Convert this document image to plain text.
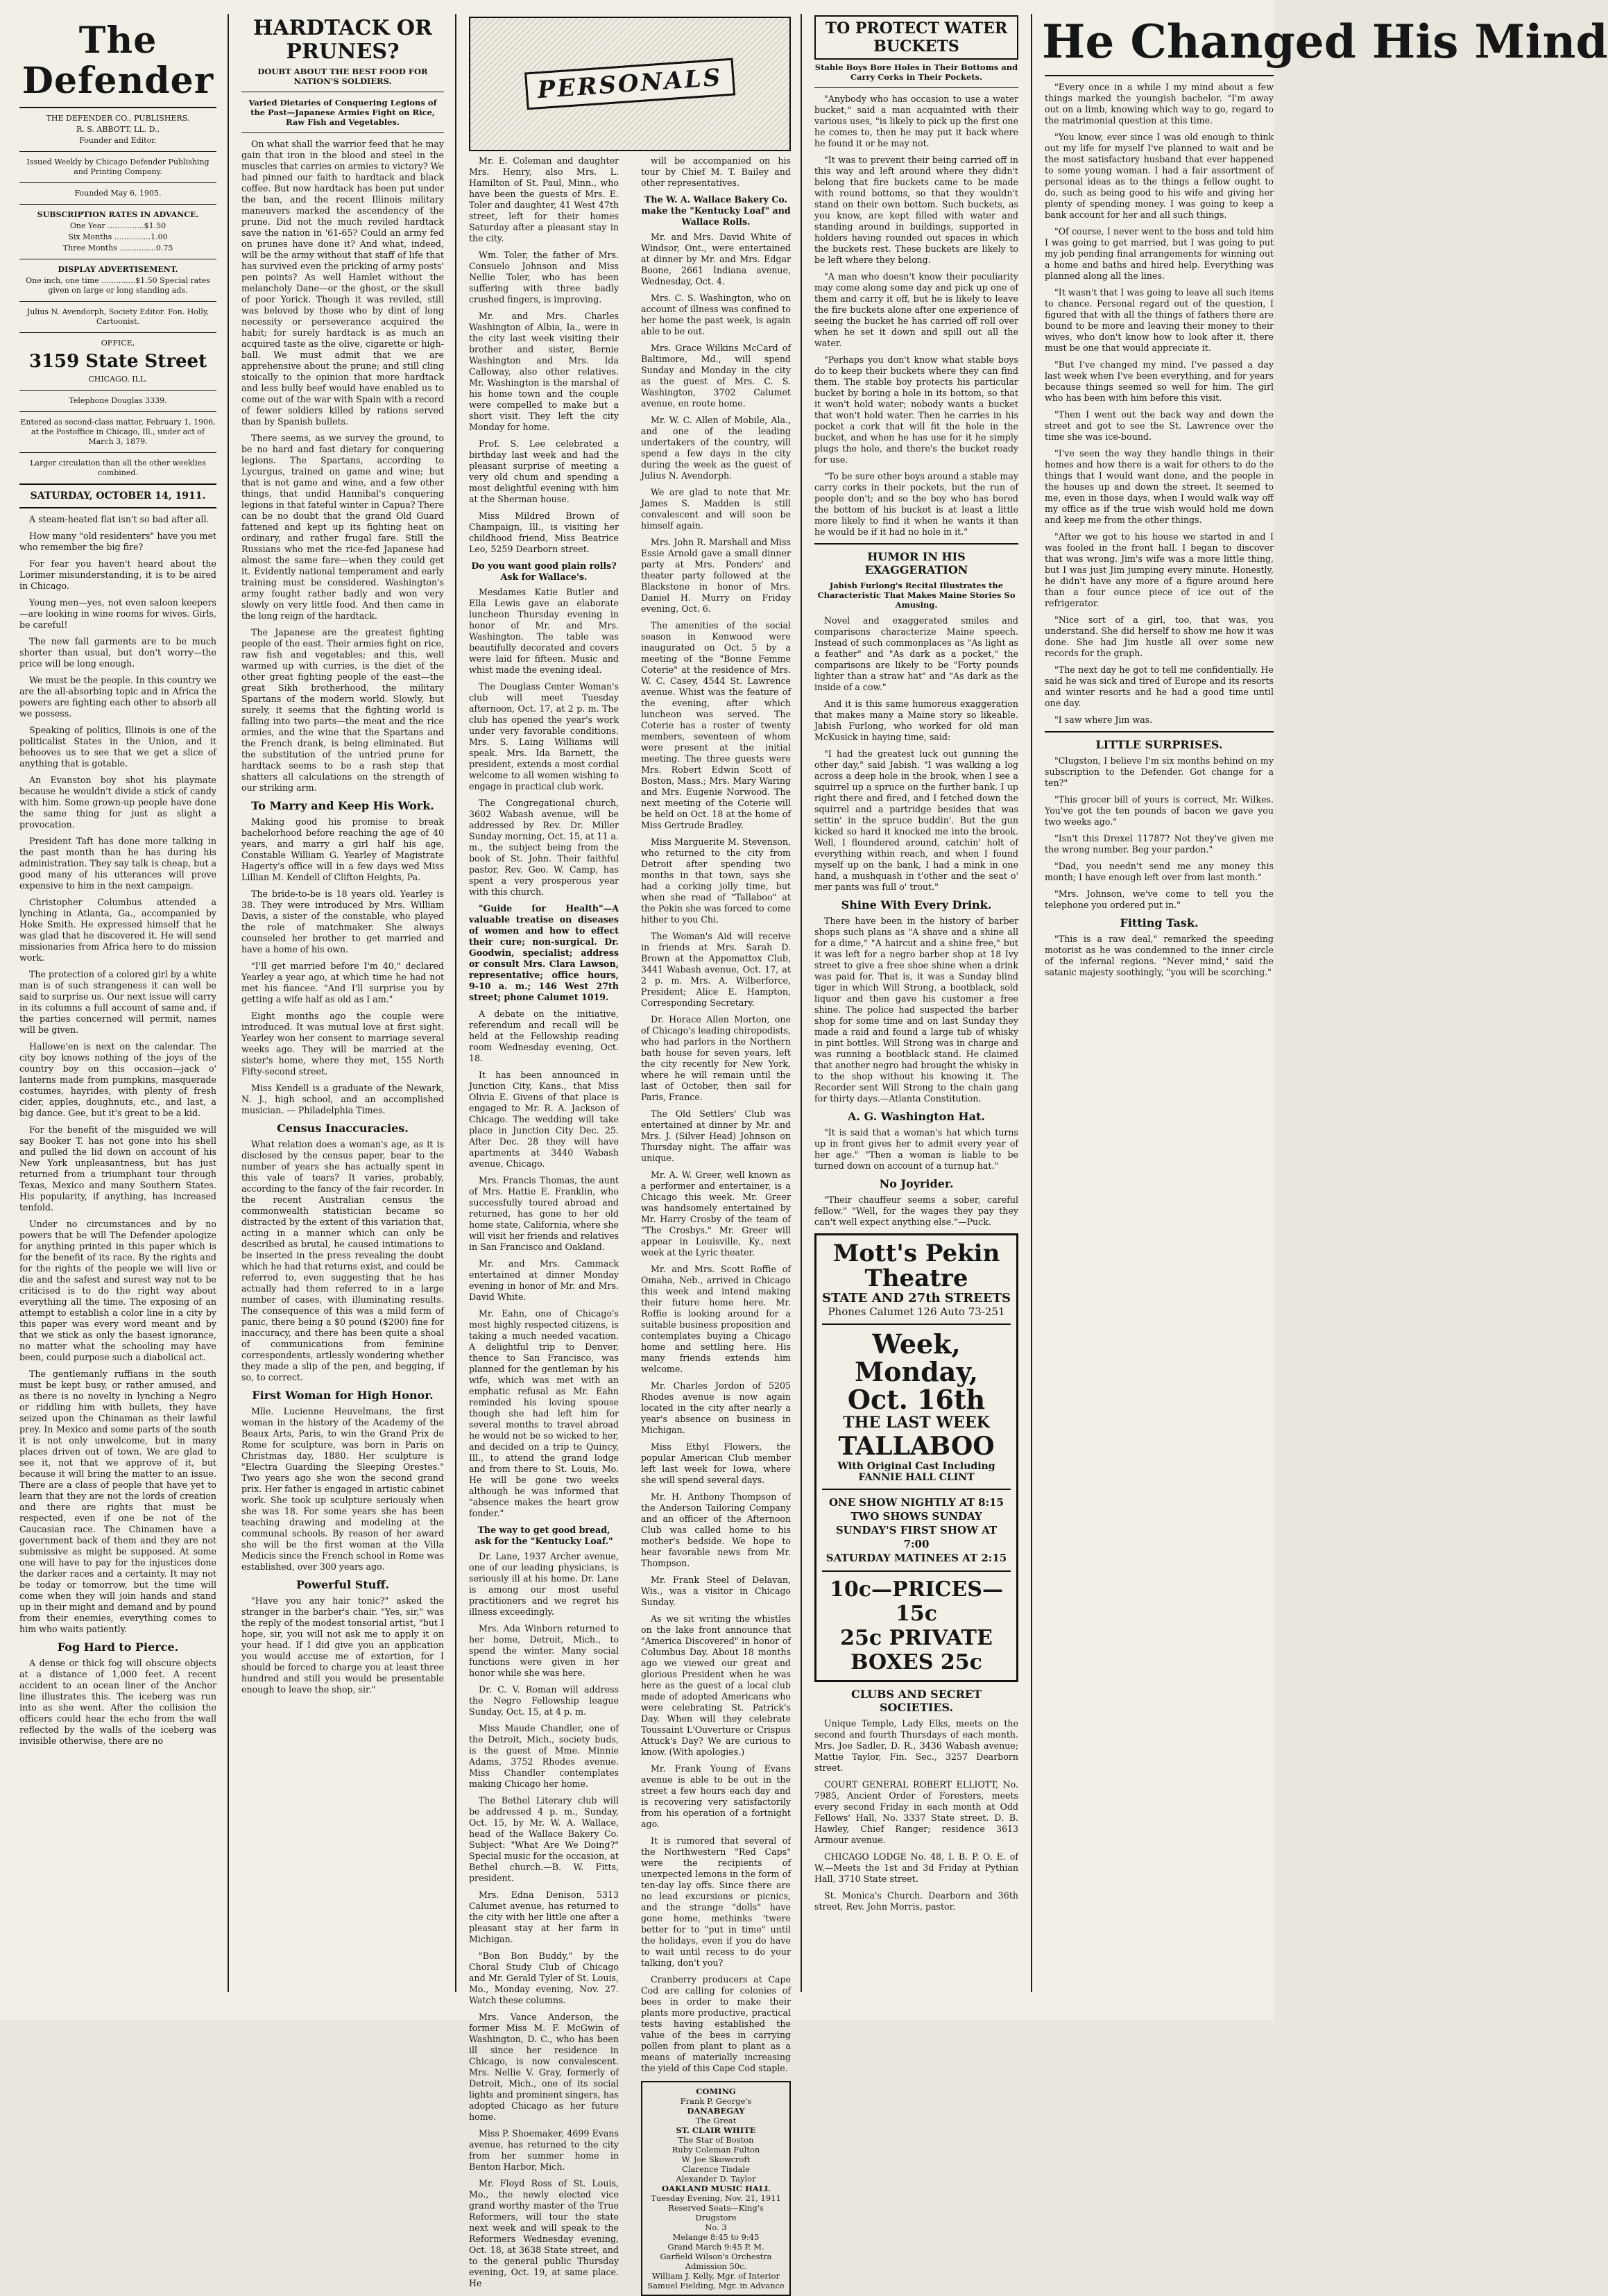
The Defender
THE DEFENDER CO., PUBLISHERS.
R. S. ABBOTT, LL. D.,
Founder and Editor.
Issued Weekly by Chicago Defender Publishing and Printing Company.
Founded May 6, 1905.
SUBSCRIPTION RATES IN ADVANCE.
One Year ...............$1.50
Six Months ...............1.00
Three Months ...............0.75
DISPLAY ADVERTISEMENT.
One inch, one time ..............$1.50 Special rates given on large or long standing ads.
Julius N. Avendorph, Society Editor. Fon. Holly, Cartoonist.
OFFICE,
3159 State Street
CHICAGO, ILL.
Telephone Douglas 3339.
Entered as second-class matter, February 1, 1906, at the Postoffice in Chicago, Ill., under act of March 3, 1879.
Larger circulation than all the other weeklies combined.
SATURDAY, OCTOBER 14, 1911.

A steam-heated flat isn't so bad after all.

How many "old residenters" have you met who remember the big fire?

For fear you haven't heard about the Lorimer misunderstanding, it is to be aired in Chicago.

Young men—yes, not even saloon keepers—are looking in wine rooms for wives. Girls, be careful!

The new fall garments are to be much shorter than usual, but don't worry—the price will be long enough.

We must be the people. In this country we are the all-absorbing topic and in Africa the powers are fighting each other to absorb all we possess.

Speaking of politics, Illinois is one of the politicalist States in the Union, and it behooves us to see that we get a slice of anything that is gotable.

An Evanston boy shot his playmate because he wouldn't divide a stick of candy with him. Some grown-up people have done the same thing for just as slight a provocation.

President Taft has done more talking in the past month than he has during his administration. They say talk is cheap, but a good many of his utterances will prove expensive to him in the next campaign.

Christopher Columbus attended a lynching in Atlanta, Ga., accompanied by Hoke Smith. He expressed himself that he was glad that he discovered it. He will send missionaries from Africa here to do mission work.

The protection of a colored girl by a white man is of such strangeness it can well be said to surprise us. Our next issue will carry in its columns a full account of same and, if the parties concerned will permit, names will be given.

Hallowe'en is next on the calendar. The city boy knows nothing of the joys of the country boy on this occasion—jack o' lanterns made from pumpkins, masquerade costumes, hayrides, with plenty of fresh cider, apples, doughnuts, etc., and last, a big dance. Gee, but it's great to be a kid.

For the benefit of the misguided we will say Booker T. has not gone into his shell and pulled the lid down on account of his New York unpleasantness, but has just returned from a triumphant tour through Texas, Mexico and many Southern States. His popularity, if anything, has increased tenfold.

Under no circumstances and by no powers that be will The Defender apologize for anything printed in this paper which is for the benefit of its race. By the rights and for the rights of the people we will live or die and the safest and surest way not to be criticised is to do the right way about everything all the time. The exposing of an attempt to establish a color line in a city by this paper was every word meant and by that we stick as only the basest ignorance, no matter what the schooling may have been, could purpose such a diabolical act.

The gentlemanly ruffians in the south must be kept busy, or rather amused, and as there is no novelty in lynching a Negro or riddling him with bullets, they have seized upon the Chinaman as their lawful prey. In Mexico and some parts of the south it is not only unwelcome, but in many places driven out of town. We are glad to see it, not that we approve of it, but because it will bring the matter to an issue. There are a class of people that have yet to learn that they are not the lords of creation and there are rights that must be respected, even if one be not of the Caucasian race. The Chinamen have a government back of them and they are not submissive as might be supposed. At some one will have to pay for the injustices done the darker races and a certainty. It may not be today or tomorrow, but the time will come when they will join hands and stand up in their might and demand and by pound from their enemies, everything comes to him who waits patiently.

Fog Hard to Pierce.

A dense or thick fog will obscure objects at a distance of 1,000 feet. A recent accident to an ocean liner of the Anchor line illustrates this. The iceberg was run into as she went. After the collision the officers could hear the echo from the wall reflected by the walls of the iceberg was invisible otherwise, there are no

HARDTACK OR PRUNES?
DOUBT ABOUT THE BEST FOOD FOR NATION'S SOLDIERS.
Varied Dietaries of Conquering Legions of the Past—Japanese Armies Fight on Rice, Raw Fish and Vegetables.

On what shall the warrior feed that he may gain that iron in the blood and steel in the muscles that carries on armies to victory? We had pinned our faith to hardtack and black coffee. But now hardtack has been put under the ban, and the recent Illinois military maneuvers marked the ascendency of the prune. Did not the much reviled hardtack save the nation in '61-65? Could an army fed on prunes have done it? And what, indeed, will be the army without that staff of life that has survived even the pricking of army posts' pen points? As well Hamlet without the melancholy Dane—or the ghost, or the skull of poor Yorick. Though it was reviled, still was beloved by those who by dint of long necessity or perseverance acquired the habit; for surely hardtack is as much an acquired taste as the olive, cigarette or high-ball. We must admit that we are apprehensive about the prune; and still cling stoically to the opinion that more hardtack and less bully beef would have enabled us to come out of the war with Spain with a record of fewer soldiers killed by rations served than by Spanish bullets.

There seems, as we survey the ground, to be no hard and fast dietary for conquering legions. The Spartans, according to Lycurgus, trained on game and wine; but that is not game and wine, and a few other things, that undid Hannibal's conquering legions in that fateful winter in Capua? There can be no doubt that the grand Old Guard fattened and kept up its fighting heat on ordinary, and rather frugal fare. Still the Russians who met the rice-fed Japanese had almost the same fare—when they could get it. Evidently national temperament and early training must be considered. Washington's army fought rather badly and won very slowly on very little food. And then came in the long reign of the hardtack.

The Japanese are the greatest fighting people of the east. Their armies fight on rice, raw fish and vegetables; and this, well warmed up with curries, is the diet of the other great fighting people of the east—the great Sikh brotherhood, the military Spartans of the modern world. Slowly, but surely, it seems that the fighting world is falling into two parts—the meat and the rice armies, and the wine that the Spartans and the French drank, is being eliminated. But the substitution of the untried prune for hardtack seems to be a rash step that shatters all calculations on the strength of our striking arm.

To Marry and Keep His Work.

Making good his promise to break bachelorhood before reaching the age of 40 years, and marry a girl half his age, Constable William G. Yearley of Magistrate Hagerty's office will in a few days wed Miss Lillian M. Kendell of Clifton Heights, Pa.

The bride-to-be is 18 years old. Yearley is 38. They were introduced by Mrs. William Davis, a sister of the constable, who played the role of matchmaker. She always counseled her brother to get married and have a home of his own.

"I'll get married before I'm 40," declared Yearley a year ago, at which time he had not met his fiancee. "And I'll surprise you by getting a wife half as old as I am."

Eight months ago the couple were introduced. It was mutual love at first sight. Yearley won her consent to marriage several weeks ago. They will be married at the sister's home, where they met, 155 North Fifty-second street.

Miss Kendell is a graduate of the Newark, N. J., high school, and an accomplished musician. — Philadelphia Times.

Census Inaccuracies.

What relation does a woman's age, as it is disclosed by the census paper, bear to the number of years she has actually spent in this vale of tears? It varies, probably, according to the fancy of the fair recorder. In the recent Australian census the commonwealth statistician became so distracted by the extent of this variation that, acting in a manner which can only be described as brutal, he caused intimations to be inserted in the press revealing the doubt which he had that returns exist, and could be referred to, even suggesting that he has actually had them referred to in a large number of cases, with illuminating results. The consequence of this was a mild form of panic, there being a $0 pound ($200) fine for inaccuracy, and there has been quite a shoal of communications from feminine correspondents, artlessly wondering whether they made a slip of the pen, and begging, if so, to correct.

First Woman for High Honor.

Mlle. Lucienne Heuvelmans, the first woman in the history of the Academy of the Beaux Arts, Paris, to win the Grand Prix de Rome for sculpture, was born in Paris on Christmas day, 1880. Her sculpture is "Electra Guarding the Sleeping Orestes." Two years ago she won the second grand prix. Her father is engaged in artistic cabinet work. She took up sculpture seriously when she was 18. For some years she has been teaching drawing and modeling at the communal schools. By reason of her award she will be the first woman at the Villa Medicis since the French school in Rome was established, over 300 years ago.

Powerful Stuff.

"Have you any hair tonic?" asked the stranger in the barber's chair. "Yes, sir," was the reply of the modest tonsorial artist, "but I hope, sir, you will not ask me to apply it on your head. If I did give you an application you would accuse me of extortion, for I should be forced to charge you at least three hundred and still you would be presentable enough to leave the shop, sir."

PERSONALS

Mr. E. Coleman and daughter Mrs. Henry, also Mrs. L. Hamilton of St. Paul, Minn., who have been the guests of Mrs. E. Toler and daughter, 41 West 47th street, left for their homes Saturday after a pleasant stay in the city.

Wm. Toler, the father of Mrs. Consuelo Johnson and Miss Nellie Toler, who has been suffering with three badly crushed fingers, is improving.

Mr. and Mrs. Charles Washington of Albia, Ia., were in the city last week visiting their brother and sister, Bernie Washington and Mrs. Ida Calloway, also other relatives. Mr. Washington is the marshal of his home town and the couple were compelled to make but a short visit. They left the city Monday for home.

Prof. S. Lee celebrated a birthday last week and had the pleasant surprise of meeting a very old chum and spending a most delightful evening with him at the Sherman house.

Miss Mildred Brown of Champaign, Ill., is visiting her childhood friend, Miss Beatrice Leo, 5259 Dearborn street.

Do you want good plain rolls? Ask for Wallace's.

Mesdames Katie Butler and Ella Lewis gave an elaborate luncheon Thursday evening in honor of Mr. and Mrs. Washington. The table was beautifully decorated and covers were laid for fifteen. Music and whist made the evening ideal.

The Douglass Center Woman's club will meet Tuesday afternoon, Oct. 17, at 2 p. m. The club has opened the year's work under very favorable conditions. Mrs. S. Laing Williams will speak. Mrs. Ida Barnett, the president, extends a most cordial welcome to all women wishing to engage in practical club work.

The Congregational church, 3602 Wabash avenue, will be addressed by Rev. Dr. Miller Sunday morning, Oct. 15, at 11 a. m., the subject being from the book of St. John. Their faithful pastor, Rev. Geo. W. Camp, has spent a very prosperous year with this church.

"Guide for Health"—A valuable treatise on diseases of women and how to effect their cure; non-surgical. Dr. Goodwin, specialist; address or consult Mrs. Clara Lawson, representative; office hours, 9-10 a. m.; 146 West 27th street; phone Calumet 1019.

A debate on the initiative, referendum and recall will be held at the Fellowship reading room Wednesday evening, Oct. 18.

It has been announced in Junction City, Kans., that Miss Olivia E. Givens of that place is engaged to Mr. R. A. Jackson of Chicago. The wedding will take place in Junction City Dec. 25. After Dec. 28 they will have apartments at 3440 Wabash avenue, Chicago.

Mrs. Francis Thomas, the aunt of Mrs. Hattie E. Franklin, who successfully toured abroad and returned, has gone to her old home state, California, where she will visit her friends and relatives in San Francisco and Oakland.

Mr. and Mrs. Cammack entertained at dinner Monday evening in honor of Mr. and Mrs. David White.

Mr. Eahn, one of Chicago's most highly respected citizens, is taking a much needed vacation. A delightful trip to Denver, thence to San Francisco, was planned for the gentleman by his wife, which was met with an emphatic refusal as Mr. Eahn reminded his loving spouse though she had left him for several months to travel abroad he would not be so wicked to her, and decided on a trip to Quincy, Ill., to attend the grand lodge and from there to St. Louis, Mo. He will be gone two weeks although he was informed that "absence makes the heart grow fonder."

The way to get good bread, ask for the "Kentucky Loaf."

Dr. Lane, 1937 Archer avenue, one of our leading physicians, is seriously ill at his home. Dr. Lane is among our most useful practitioners and we regret his illness exceedingly.

Mrs. Ada Winborn returned to her home, Detroit, Mich., to spend the winter. Many social functions were given in her honor while she was here.

Dr. C. V. Roman will address the Negro Fellowship league Sunday, Oct. 15, at 4 p. m.

Miss Maude Chandler, one of the Detroit, Mich., society buds, is the guest of Mme. Minnie Adams, 3752 Rhodes avenue. Miss Chandler contemplates making Chicago her home.

The Bethel Literary club will be addressed 4 p. m., Sunday, Oct. 15, by Mr. W. A. Wallace, head of the Wallace Bakery Co. Subject: "What Are We Doing?" Special music for the occasion, at Bethel church.—B. W. Fitts, president.

Mrs. Edna Denison, 5313 Calumet avenue, has returned to the city with her little one after a pleasant stay at her farm in Michigan.

"Bon Bon Buddy," by the Choral Study Club of Chicago and Mr. Gerald Tyler of St. Louis, Mo., Monday evening, Nov. 27. Watch these columns.

Mrs. Vance Anderson, the former Miss M. F. McGwin of Washington, D. C., who has been ill since her residence in Chicago, is now convalescent. Mrs. Nellie V. Gray, formerly of Detroit, Mich., one of its social lights and prominent singers, has adopted Chicago as her future home.

Miss P. Shoemaker, 4699 Evans avenue, has returned to the city from her summer home in Benton Harbor, Mich.

Mr. Floyd Ross of St. Louis, Mo., the newly elected vice grand worthy master of the True Reformers, will tour the state next week and will speak to the Reformers Wednesday evening, Oct. 18, at 3638 State street, and to the general public Thursday evening, Oct. 19, at same place. He

will be accompanied on his tour by Chief M. T. Bailey and other representatives.

The W. A. Wallace Bakery Co. make the "Kentucky Loaf" and Wallace Rolls.

Mr. and Mrs. David White of Windsor, Ont., were entertained at dinner by Mr. and Mrs. Edgar Boone, 2661 Indiana avenue, Wednesday, Oct. 4.

Mrs. C. S. Washington, who on account of illness was confined to her home the past week, is again able to be out.

Mrs. Grace Wilkins McCard of Baltimore, Md., will spend Sunday and Monday in the city as the guest of Mrs. C. S. Washington, 3702 Calumet avenue, en route home.

Mr. W. C. Allen of Mobile, Ala., and one of the leading undertakers of the country, will spend a few days in the city during the week as the guest of Julius N. Avendorph.

We are glad to note that Mr. James S. Madden is still convalescent and will soon be himself again.

Mrs. John R. Marshall and Miss Essie Arnold gave a small dinner party at Mrs. Ponders' and theater party followed at the Blackstone in honor of Mrs. Daniel H. Murry on Friday evening, Oct. 6.

The amenities of the social season in Kenwood were inaugurated on Oct. 5 by a meeting of the "Bonne Femme Coterie" at the residence of Mrs. W. C. Casey, 4544 St. Lawrence avenue. Whist was the feature of the evening, after which luncheon was served. The Coterie has a roster of twenty members, seventeen of whom were present at the initial meeting. The three guests were Mrs. Robert Edwin Scott of Boston, Mass.; Mrs. Mary Waring and Mrs. Eugenie Norwood. The next meeting of the Coterie will be held on Oct. 18 at the home of Miss Gertrude Bradley.

Miss Marguerite M. Stevenson, who returned to the city from Detroit after spending two months in that town, says she had a corking jolly time, but when she read of "Tallaboo" at the Pekin she was forced to come hither to you Chi.

The Woman's Aid will receive in friends at Mrs. Sarah D. Brown at the Appomattox Club, 3441 Wabash avenue, Oct. 17, at 2 p. m. Mrs. A. Wilberforce, President; Alice E. Hampton, Corresponding Secretary.

Dr. Horace Allen Morton, one of Chicago's leading chiropodists, who had parlors in the Northern bath house for seven years, left the city recently for New York, where he will remain until the last of October, then sail for Paris, France.

The Old Settlers' Club was entertained at dinner by Mr. and Mrs. J. (Silver Head) Johnson on Thursday night. The affair was unique.

Mr. A. W. Greer, well known as a performer and entertainer, is a Chicago this week. Mr. Greer was handsomely entertained by Mr. Harry Crosby of the team of "The Crosbys." Mr. Greer will appear in Louisville, Ky., next week at the Lyric theater.

Mr. and Mrs. Scott Roffie of Omaha, Neb., arrived in Chicago this week and intend making their future home here. Mr. Roffie is looking around for a suitable business proposition and contemplates buying a Chicago home and settling here. His many friends extends him welcome.

Mr. Charles Jordon of 5205 Rhodes avenue is now again located in the city after nearly a year's absence on business in Michigan.

Miss Ethyl Flowers, the popular American Club member left last week for Iowa, where she will spend several days.

Mr. H. Anthony Thompson of the Anderson Tailoring Company and an officer of the Afternoon Club was called home to his mother's bedside. We hope to hear favorable news from Mr. Thompson.

Mr. Frank Steel of Delavan, Wis., was a visitor in Chicago Sunday.

As we sit writing the whistles on the lake front announce that "America Discovered" in honor of Columbus Day. About 18 months ago we viewed our great and glorious President when he was here as the guest of a local club made of adopted Americans who were celebrating St. Patrick's Day. When will they celebrate Toussaint L'Ouverture or Crispus Attuck's Day? We are curious to know. (With apologies.)

Mr. Frank Young of Evans avenue is able to be out in the street a few hours each day and is recovering very satisfactorily from his operation of a fortnight ago.

It is rumored that several of the Northwestern "Red Caps" were the recipients of unexpected lemons in the form of ten-day lay offs. Since there are no lead excursions or picnics, and the strange "dolls" have gone home, methinks 'twere better for to "put in time" until the holidays, even if you do have to wait until recess to do your talking, don't you?

Cranberry producers at Cape Cod are calling for colonies of bees in order to make their plants more productive, practical tests having established the value of the bees in carrying pollen from plant to plant as a means of materially increasing the yield of this Cape Cod staple.

COMING

Frank P. George's

DANABEGAY

The Great

ST. CLAIR WHITE

The Star of Boston

Ruby Coleman Fulton

W. Joe Skowcroft

Clarence Tisdale

Alexander D. Taylor

OAKLAND MUSIC HALL

Tuesday Evening, Nov. 21, 1911

Reserved Seats—King's Drugstore

No. 3

Melange 8:45 to 9:45

Grand March 9:45 P. M.

Garfield Wilson's Orchestra

Admission 50c.

William J. Kelly, Mgr. of Interior

Samuel Fielding, Mgr. in Advance

TO PROTECT WATER BUCKETS
Stable Boys Bore Holes in Their Bottoms and Carry Corks in Their Pockets.

"Anybody who has occasion to use a water bucket," said a man acquainted with their various uses, "is likely to pick up the first one he comes to, then he may put it back where he found it or he may not.

"It was to prevent their being carried off in this way and left around where they didn't belong that fire buckets came to be made with round bottoms, so that they wouldn't stand on their own bottom. Such buckets, as you know, are kept filled with water and standing around in buildings, supported in holders having rounded out spaces in which the buckets rest. These buckets are likely to be left where they belong.

"A man who doesn't know their peculiarity may come along some day and pick up one of them and carry it off, but he is likely to leave the fire buckets alone after one experience of seeing the bucket he has carried off roll over when he set it down and spill out all the water.

"Perhaps you don't know what stable boys do to keep their buckets where they can find them. The stable boy protects his particular bucket by boring a hole in its bottom, so that it won't hold water; nobody wants a bucket that won't hold water. Then he carries in his pocket a cork that will fit the hole in the bucket, and when he has use for it he simply plugs the hole, and there's the bucket ready for use.

"To be sure other boys around a stable may carry corks in their pockets, but the run of people don't; and so the boy who has bored the bottom of his bucket is at least a little more likely to find it when he wants it than he would be if it had no hole in it."

HUMOR IN HIS EXAGGERATION
Jabish Furlong's Recital Illustrates the Characteristic That Makes Maine Stories So Amusing.

Novel and exaggerated smiles and comparisons characterize Maine speech. Instead of such commonplaces as "As light as a feather" and "As dark as a pocket," the comparisons are likely to be "Forty pounds lighter than a straw hat" and "As dark as the inside of a cow."

And it is this same humorous exaggeration that makes many a Maine story so likeable. Jabish Furlong, who worked for old man McKusick in haying time, said:

"I had the greatest luck out gunning the other day," said Jabish. "I was walking a log across a deep hole in the brook, when I see a squirrel up a spruce on the further bank. I up right there and fired, and I fetched down the squirrel and a partridge besides that was settin' in the spruce buddin'. But the gun kicked so hard it knocked me into the brook. Well, I floundered around, catchin' holt of everything within reach, and when I found myself up on the bank, I had a mink in one hand, a mushquash in t'other and the seat o' mer pants was full o' trout."

Shine With Every Drink.

There have been in the history of barber shops such plans as "A shave and a shine all for a dime," "A haircut and a shine free," but it was left for a negro barber shop at 18 Ivy street to give a free shoe shine when a drink was paid for. That is, it was a Sunday blind tiger in which Will Strong, a bootblack, sold liquor and then gave his customer a free shine. The police had suspected the barber shop for some time and on last Sunday they made a raid and found a large tub of whisky in pint bottles. Will Strong was in charge and was running a bootblack stand. He claimed that another negro had brought the whisky in to the shop without his knowing it. The Recorder sent Will Strong to the chain gang for thirty days.—Atlanta Constitution.

A. G. Washington Hat.

"It is said that a woman's hat which turns up in front gives her to admit every year of her age." "Then a woman is liable to be turned down on account of a turnup hat."

No Joyrider.

"Their chauffeur seems a sober, careful fellow." "Well, for the wages they pay they can't well expect anything else."—Puck.

Mott's Pekin Theatre
STATE AND 27th STREETS
Phones Calumet 126 Auto 73-251
Week, Monday, Oct. 16th
THE LAST WEEK
TALLABOO
With Original Cast Including FANNIE HALL CLINT
ONE SHOW NIGHTLY AT 8:15
TWO SHOWS SUNDAY
SUNDAY'S FIRST SHOW AT 7:00
SATURDAY MATINEES AT 2:15
10c—PRICES—15c
25c PRIVATE BOXES 25c
CLUBS AND SECRET SOCIETIES.

Unique Temple, Lady Elks, meets on the second and fourth Thursdays of each month. Mrs. Joe Sadler, D. R., 3436 Wabash avenue; Mattie Taylor, Fin. Sec., 3257 Dearborn street.

COURT GENERAL ROBERT ELLIOTT, No. 7985, Ancient Order of Foresters, meets every second Friday in each month at Odd Fellows' Hall, No. 3337 State street. D. B. Hawley, Chief Ranger; residence 3613 Armour avenue.

CHICAGO LODGE No. 48, I. B. P. O. E. of W.—Meets the 1st and 3d Friday at Pythian Hall, 3710 State street.

St. Monica's Church. Dearborn and 36th street, Rev. John Morris, pastor.

He Changed His Mind

"Every once in a while I my mind about a few things marked the youngish bachelor. "I'm away out on a limb, knowing which way to go, regard to the matrimonial question at this time.

"You know, ever since I was old enough to think out my life for myself I've planned to wait and be the most satisfactory husband that ever happened to some young woman. I had a fair assortment of personal ideas as to the things a fellow ought to do, such as being good to his wife and giving her plenty of spending money. I was going to keep a bank account for her and all such things.

"Of course, I never went to the boss and told him I was going to get married, but I was going to put my job pending final arrangements for winning out a home and baths and hired help. Everything was planned along all the lines.

"It wasn't that I was going to leave all such items to chance. Personal regard out of the question, I figured that with all the things of fathers there are bound to be more and leaving their money to their wives, who don't know how to look after it, there must be one that would appreciate it.

"But I've changed my mind. I've passed a day last week when I've been everything, and for years because things seemed so well for him. The girl who has been with him before this visit.

"Then I went out the back way and down the street and got to see the St. Lawrence over the time she was ice-bound.

"I've seen the way they handle things in their homes and how there is a wait for others to do the things that I would want done, and the people in the houses up and down the street. It seemed to me, even in those days, when I would walk way off my office as if the true wish would hold me down and keep me from the other things.

"After we got to his house we started in and I was fooled in the front hall. I began to discover that was wrong. Jim's wife was a more little thing, but I was just Jim jumping every minute. Honestly, he didn't have any more of a figure around here than a four ounce piece of ice out of the refrigerator.

"Nice sort of a girl, too, that was, you understand. She did herself to show me how it was done. She had Jim hustle all over some new records for the graph.

"The next day he got to tell me confidentially. He said he was sick and tired of Europe and its resorts and winter resorts and he had a good time until one day.

"I saw where Jim was.

LITTLE SURPRISES.

"Clugston, I believe I'm six months behind on my subscription to the Defender. Got change for a ten?"

"This grocer bill of yours is correct, Mr. Wilkes. You've got the ten pounds of bacon we gave you two weeks ago."

"Isn't this Drexel 11787? Not they've given me the wrong number. Beg your pardon."

"Dad, you needn't send me any money this month; I have enough left over from last month."

"Mrs. Johnson, we've come to tell you the telephone you ordered put in."

Fitting Task.

"This is a raw deal," remarked the speeding motorist as he was condemned to the inner circle of the infernal regions. "Never mind," said the satanic majesty soothingly, "you will be scorching."
